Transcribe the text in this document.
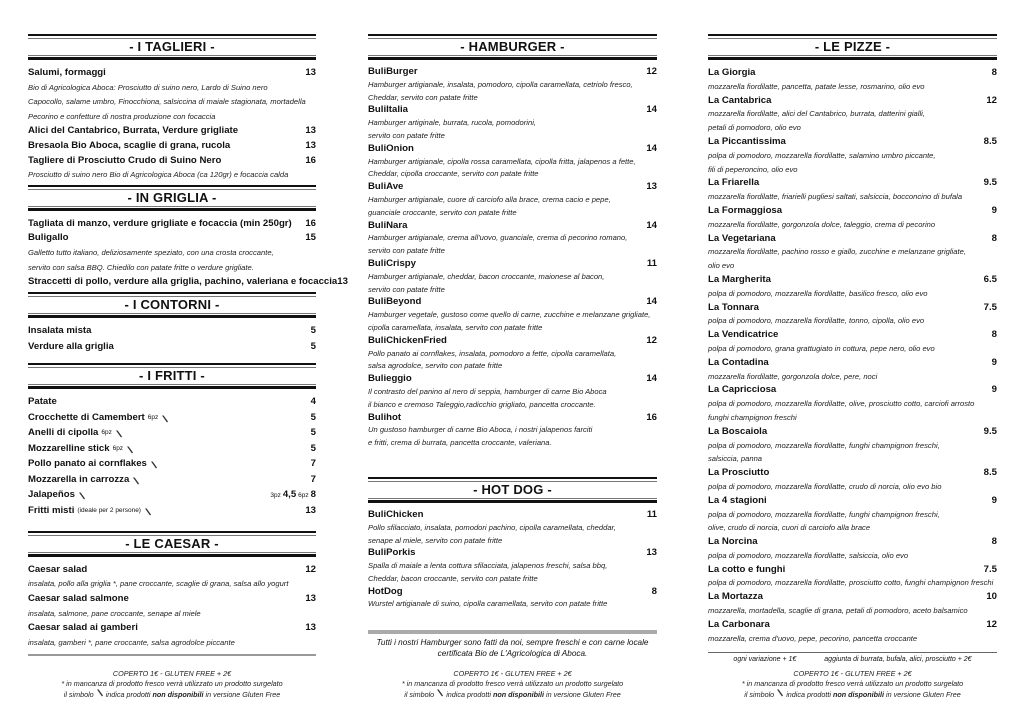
- I TAGLIERI -
Salumi, formaggi	13
Bio di Agricologica Aboca: Prosciutto di suino nero, Lardo di Suino nero
Capocollo, salame umbro, Finocchiona, salsiccina di maiale stagionata, mortadella
Pecorino e confetture di nostra produzione con focaccia
Alici del Cantabrico, Burrata, Verdure grigliate	13
Bresaola Bio Aboca, scaglie di grana, rucola	13
Tagliere di Prosciutto Crudo di Suino Nero	16
Prosciutto di suino nero Bio di Agricologica Aboca (ca 120gr) e focaccia calda
- IN GRIGLIA -
Tagliata di manzo, verdure grigliate e focaccia (min 250gr) 16
Buligallo	15
Galletto tutto italiano, deliziosamente speziato, con una crosta croccante,
servito con salsa BBQ. Chiedilo con patate fritte o verdure grigliate.
Straccetti di pollo, verdure alla griglia, pachino, valeriana e focaccia 13
- I CONTORNI -
Insalata mista	5
Verdure alla griglia	5
- I FRITTI -
Patate	4
Crocchette di Camembert 6pz	5
Anelli di cipolla 6pz	5
Mozzarelline stick 6pz	5
Pollo panato ai cornflakes	7
Mozzarella in carrozza	7
Jalapeños	3pz 4,5 6pz 8
Fritti misti (ideale per 2 persone)	13
- LE CAESAR -
Caesar salad	12
insalata, pollo alla griglia *, pane croccante, scaglie di grana, salsa allo yogurt
Caesar salad salmone	13
insalata, salmone, pane croccante, senape al miele
Caesar salad ai gamberi	13
insalata, gamberi *, pane croccante, salsa agrodolce piccante
- HAMBURGER -
BuliBurger	12
Hamburger artigianale, insalata, pomodoro, cipolla caramellata, cetriolo fresco,
Cheddar, servito con patate fritte
BuliItalia	14
Hamburger artiginale, burrata, rucola, pomodorini,
servito con patate fritte
BuliOnion	14
Hamburger artigianale, cipolla rossa caramellata, cipolla fritta, jalapenos a fette,
Cheddar, cipolla croccante, servito con patate fritte
BuliAve	13
Hamburger artigianale, cuore di carciofo alla brace, crema cacio e pepe,
guanciale croccante, servito con patate fritte
BuliNara	14
Hamburger artigianale, crema all'uovo, guanciale, crema di pecorino romano,
servito con patate fritte
BuliCrispy	11
Hamburger artigianale, cheddar, bacon croccante, maionese al bacon,
servito con patate fritte
BuliBeyond	14
Hamburger vegetale, gustoso come quello di carne, zucchine e melanzane grigliate,
cipolla caramellata, insalata, servito con patate fritte
BuliChickenFried	12
Pollo panato ai cornflakes, insalata, pomodoro a fette, cipolla caramellata,
salsa agrodolce, servito con patate fritte
Bulieggio	14
Il contrasto del panino al nero di seppia, hamburger di carne Bio Aboca
il bianco e cremoso Taleggio,radicchio grigliato, pancetta croccante.
Bulihot	16
Un gustoso hamburger di carne Bio Aboca, i nostri jalapenos farciti
e fritti, crema di burrata, pancetta croccante, valeriana.
- HOT DOG -
BuliChicken	11
Pollo sfilacciato, insalata, pomodori pachino, cipolla caramellata, cheddar,
senape al miele, servito con patate fritte
BuliPorkis	13
Spalla di maiale a lenta cottura sfilacciata, jalapenos freschi, salsa bbq,
Cheddar, bacon croccante, servito con patate fritte
HotDog	8
Wurstel artigianale di suino, cipolla caramellata, servito con patate fritte
- LE PIZZE -
La Giorgia	8
mozzarella fiordilatte, pancetta, patate lesse, rosmarino, olio evo
La Cantabrica	12
mozzarella fiordilatte, alici del Cantabrico, burrata, datterini gialli,
petali di pomodoro, olio evo
La Piccantissima	8.5
polpa di pomodoro, mozzarella fiordilatte, salamino umbro piccante,
fili di peperoncino, olio evo
La Friarella	9.5
mozzarella fiordilatte, friarielli pugliesi saltati, salsiccia, bocconcino di bufala
La Formaggiosa	9
mozzarella fiordilatte, gorgonzola dolce, taleggio, crema di pecorino
La Vegetariana	8
mozzarella fiordilatte, pachino rosso e giallo, zucchine e melanzane grigliate,
olio evo
La Margherita	6.5
polpa di pomodoro, mozzarella fiordilatte, basilico fresco, olio evo
La Tonnara	7.5
polpa di pomodoro, mozzarella fiordilatte, tonno, cipolla, olio evo
La Vendicatrice	8
polpa di pomodoro, grana grattugiato in cottura, pepe nero, olio evo
La Contadina	9
mozzarella fiordilatte, gorgonzola dolce, pere, noci
La Capricciosa	9
polpa di pomodoro, mozzarella fiordilatte, olive, prosciutto cotto, carciofi arrosto
funghi champignon freschi
La Boscaiola	9.5
polpa di pomodoro, mozzarella fiordilatte, funghi champignon freschi,
salsiccia, panna
La Prosciutto	8.5
polpa di pomodoro, mozzarella fiordilatte, crudo di norcia, olio evo bio
La 4 stagioni	9
polpa di pomodoro, mozzarella fiordilatte, funghi champignon freschi,
olive, crudo di norcia, cuori di carciofo alla brace
La Norcina	8
polpa di pomodoro, mozzarella fiordilatte, salsiccia, olio evo
La cotto e funghi	7.5
polpa di pomodoro, mozzarella fiordilatte, prosciutto cotto, funghi champignon freschi
La Mortazza	10
mozzarella, mortadella, scaglie di grana, petali di pomodoro, aceto balsamico
La Carbonara	12
mozzarella, crema d'uovo, pepe, pecorino, pancetta croccante
Tutti i nostri Hamburger sono fatti da noi, sempre freschi e con carne locale
certificata Bio de L'Agricologica di Aboca.
ogni variazione + 1€	aggiunta di burrata, bufala, alici, prosciutto + 2€
COPERTO 1€ - GLUTEN FREE + 2€
* in mancanza di prodotto fresco verrà utilizzato un prodotto surgelato
il simbolo indica prodotti non disponibili in versione Gluten Free
COPERTO 1€ - GLUTEN FREE + 2€
* in mancanza di prodotto fresco verrà utilizzato un prodotto surgelato
il simbolo indica prodotti non disponibili in versione Gluten Free
COPERTO 1€ - GLUTEN FREE + 2€
* in mancanza di prodotto fresco verrà utilizzato un prodotto surgelato
il simbolo indica prodotti non disponibili in versione Gluten Free
